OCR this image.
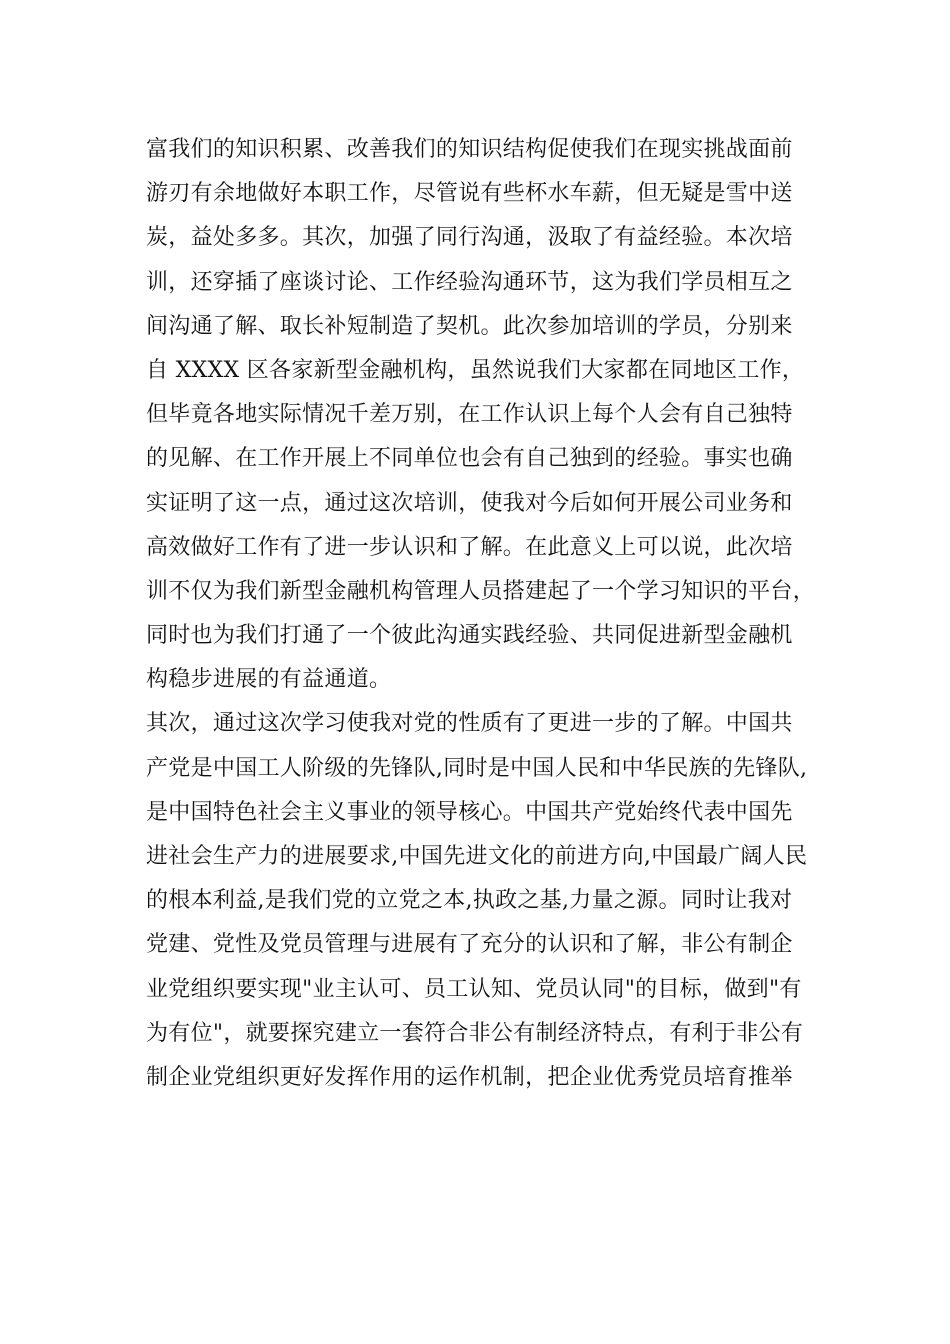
富我们的知识积累、改善我们的知识结构促使我们在现实挑战面前
游刃有余地做好本职工作，尽管说有些杯水车薪，但无疑是雪中送
炭，益处多多。其次，加强了同行沟通，汲取了有益经验。本次培
训，还穿插了座谈讨论、工作经验沟通环节，这为我们学员相互之
间沟通了解、取长补短制造了契机。此次参加培训的学员，分别来
自 XXXX 区各家新型金融机构，虽然说我们大家都在同地区工作，
但毕竟各地实际情况千差万别，在工作认识上每个人会有自己独特
的见解、在工作开展上不同单位也会有自己独到的经验。事实也确
实证明了这一点，通过这次培训，使我对今后如何开展公司业务和
高效做好工作有了进一步认识和了解。在此意义上可以说，此次培
训不仅为我们新型金融机构管理人员搭建起了一个学习知识的平台，
同时也为我们打通了一个彼此沟通实践经验、共同促进新型金融机
构稳步进展的有益通道。
其次，通过这次学习使我对党的性质有了更进一步的了解。中国共
产党是中国工人阶级的先锋队,同时是中国人民和中华民族的先锋队,
是中国特色社会主义事业的领导核心。中国共产党始终代表中国先
进社会生产力的进展要求,中国先进文化的前进方向,中国最广阔人民
的根本利益,是我们党的立党之本,执政之基,力量之源。同时让我对
党建、党性及党员管理与进展有了充分的认识和了解，非公有制企
业党组织要实现"业主认可、员工认知、党员认同"的目标，做到"有
为有位"，就要探究建立一套符合非公有制经济特点，有利于非公有
制企业党组织更好发挥作用的运作机制，把企业优秀党员培育推举
